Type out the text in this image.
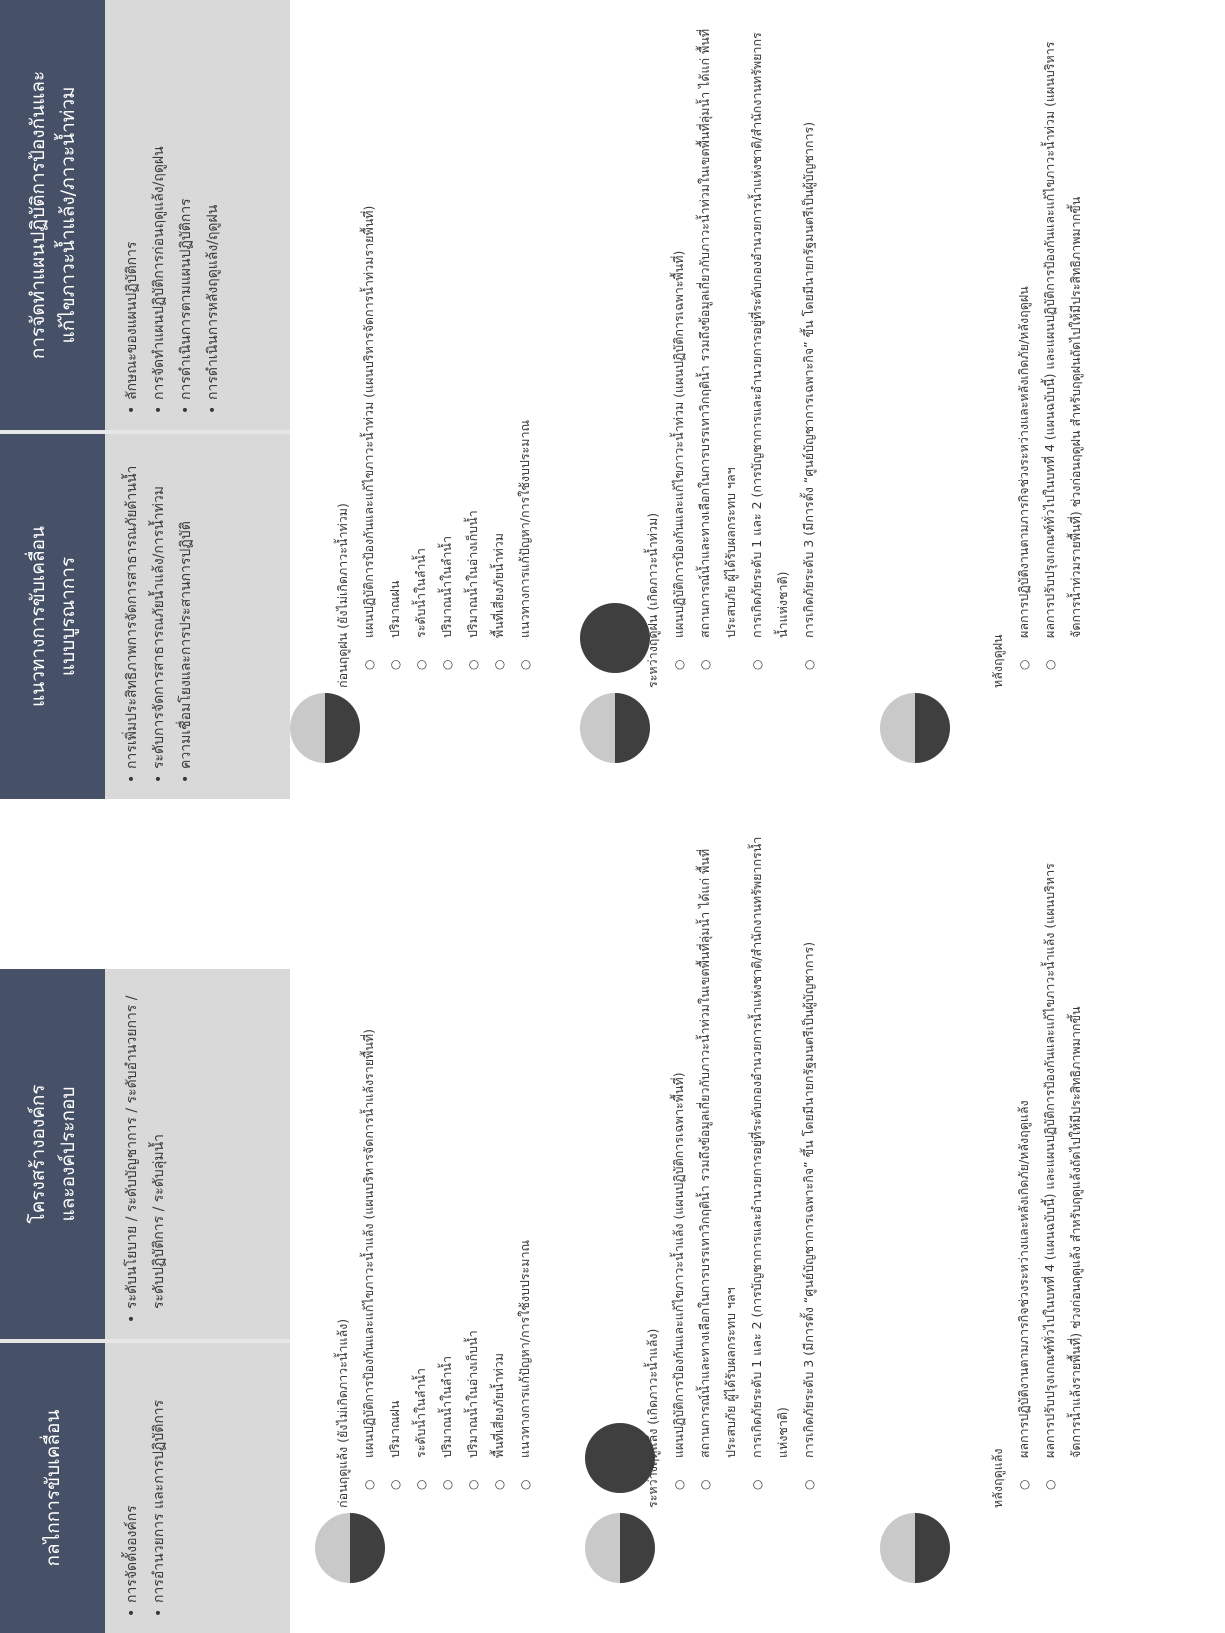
กลไกการขับเคลื่อน	• การจัดตั้งองค์กร • การอำนวยการ และการปฏิบัติการ
โครงสร้างองค์กร และองค์ประกอบ	• ระดับนโยบาย / ระดับบัญชาการ / ระดับอำนวยการ / ระดับปฏิบัติการ / ระดับลุ่มน้ำ
แนวทางการขับเคลื่อน แบบบูรณาการ	• การเพิ่มประสิทธิภาพการจัดการสาธารณภัยด้านน้ำ • ระดับการจัดการสาธารณภัยน้ำแล้ง/การน้ำท่วม • ความเชื่อมโยงและการประสานการปฏิบัติ
การจัดทำแผนปฏิบัติการป้องกันและ แก้ไขภาวะน้ำแล้ง/ภาวะน้ำท่วม	• ลักษณะของแผนปฏิบัติการ • การจัดทำแผนปฏิบัติการก่อนฤดูแล้ง/ฤดูฝน • การดำเนินการตามแผนปฏิบัติการ • การดำเนินการหลังฤดูแล้ง/ฤดูฝน
ก่อนฤดูแล้ง (ยังไม่เกิดภาวะน้ำแล้ง) ○ แผนปฏิบัติการป้องกันและแก้ไขภาวะน้ำแล้ง (แผนบริหารจัดการน้ำแล้งรายพื้นที่) ○ ปริมาณฝน ○ ระดับน้ำในลำน้ำ ○ ปริมาณน้ำในลำน้ำ ○ ปริมาณน้ำในอ่างเก็บน้ำ ○ พื้นที่เสี่ยงภัยน้ำท่วม ○ แนวทางการแก้ปัญหา/การใช้งบประมาณ	ระหว่างฤดูแล้ง (เกิดภาวะน้ำแล้ง) ○ แผนปฏิบัติการป้องกันและแก้ไขภาวะน้ำแล้ง (แผนปฏิบัติการเฉพาะพื้นที่) ○ สถานการณ์น้ำและทางเลือกในการบรรเทาวิกฤติน้ำ รวมถึงข้อมูลเกี่ยวกับภาวะน้ำท่วมในเขตพื้นที่ลุ่มน้ำ ได้แก่ พื้นที่ประสบภัย ผู้ได้รับผลกระทบ ฯลฯ ○ การเกิดภัยระดับ 1 และ 2 (การบัญชาการและอำนวยการอยู่ที่ระดับกองอำนวยการน้ำแห่งชาติ/สำนักงานทรัพยากรน้ำแห่งชาติ) ○ การเกิดภัยระดับ 3 (มีการตั้ง “ศูนย์บัญชาการเฉพาะกิจ” ขึ้น โดยมีนายกรัฐมนตรีเป็นผู้บัญชาการ)
หลังฤดูแล้ง
○ ผลการปฏิบัติงานตามภารกิจช่วงระหว่างและหลังเกิดภัย/หลังฤดูแล้ง ○ ผลการปรับปรุงเกณฑ์ทั่วไปในบทที่ 4 (แผนฉบับนี้) และแผนปฏิบัติการป้องกันและแก้ไขภาวะน้ำแล้ง (แผนบริหารจัดการน้ำแล้งรายพื้นที่) ช่วงก่อนฤดูแล้ง สำหรับฤดูแล้งถัดไปให้มีประสิทธิภาพมากขึ้น
ก่อนฤดูฝน (ยังไม่เกิดภาวะน้ำท่วม) ○ แผนปฏิบัติการป้องกันและแก้ไขภาวะน้ำท่วม (แผนบริหารจัดการน้ำท่วมรายพื้นที่) ○ ปริมาณฝน ○ ระดับน้ำในลำน้ำ ○ ปริมาณน้ำในลำน้ำ ○ ปริมาณน้ำในอ่างเก็บน้ำ ○ พื้นที่เสี่ยงภัยน้ำท่วม ○ แนวทางการแก้ปัญหา/การใช้งบประมาณ	ระหว่างฤดูฝน (เกิดภาวะน้ำท่วม) ○ แผนปฏิบัติการป้องกันและแก้ไขภาวะน้ำท่วม (แผนปฏิบัติการเฉพาะพื้นที่) ○ สถานการณ์น้ำและทางเลือกในการบรรเทาวิกฤติน้ำ รวมถึงข้อมูลเกี่ยวกับภาวะน้ำท่วมในเขตพื้นที่ลุ่มน้ำ ได้แก่ พื้นที่ประสบภัย ผู้ได้รับผลกระทบ ฯลฯ ○ การเกิดภัยระดับ 1 และ 2 (การบัญชาการและอำนวยการอยู่ที่ระดับกองอำนวยการน้ำแห่งชาติ/สำนักงานทรัพยากรน้ำแห่งชาติ) ○ การเกิดภัยระดับ 3 (มีการตั้ง “ศูนย์บัญชาการเฉพาะกิจ” ขึ้น โดยมีนายกรัฐมนตรีเป็นผู้บัญชาการ)
หลังฤดูฝน
○ ผลการปฏิบัติงานตามภารกิจช่วงระหว่างและหลังเกิดภัย/หลังฤดูฝน ○ ผลการปรับปรุงเกณฑ์ทั่วไปในบทที่ 4 (แผนฉบับนี้) และแผนปฏิบัติการป้องกันและแก้ไขภาวะน้ำท่วม (แผนบริหารจัดการน้ำท่วมรายพื้นที่) ช่วงก่อนฤดูฝน สำหรับฤดูฝนถัดไปให้มีประสิทธิภาพมากขึ้น
